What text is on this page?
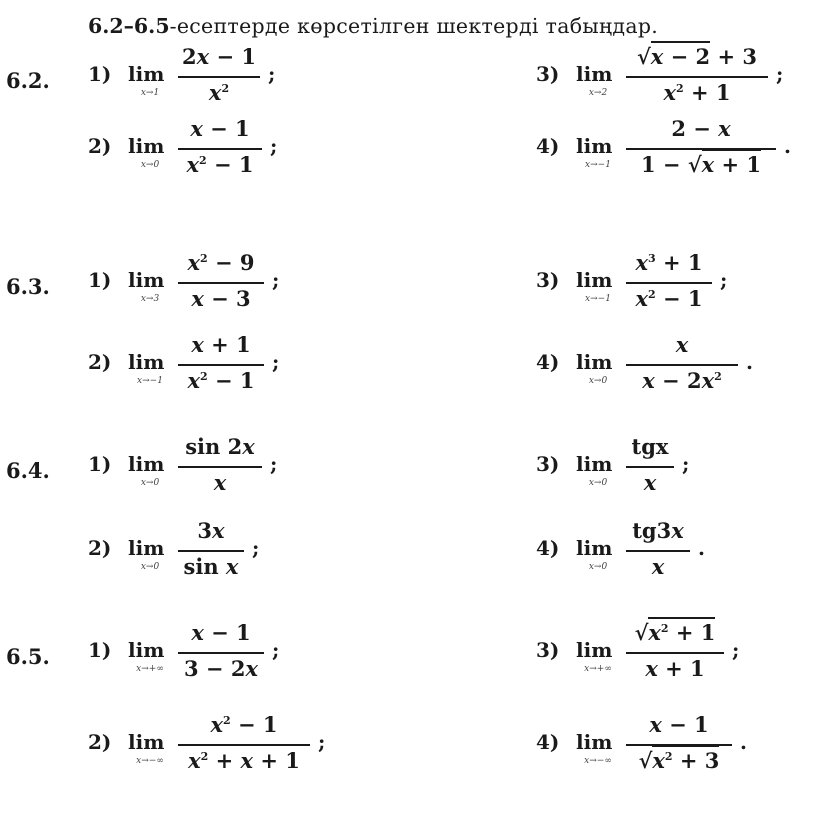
6.2–6.5-есептерде көрсетілген шектерді табыңдар.
6.2. 1) lim
x→1
2x − 1
$x^2$
;
2) lim
x→0
x − 1
$x^2 - 1$
;
3) lim
x→2
√x − 2 + 3
$x^2 + 1$
;
4) lim
x→−1
2 − x
1 − √x + 1
.
6.3. 1) lim
x→3
$x^2 - 9$
x − 3
;
2) lim
x→−1
x + 1
$x^2 - 1$
;
3) lim
x→−1
$x^3 + 1$
$x^2 - 1$
;
4) lim
x→0
x
$x - 2x^2$
.
6.4. 1) lim
x→0
sin 2x
x
;
2) lim
x→0
3x
sin x
;
3) lim
x→0
tgx
x
;
4) lim
x→0
tg3x
x
.
6.5. 1) lim
x→+∞
x − 1
3 − 2x
;
2) lim
x→−∞
$x^2 - 1$
$x^2 + x + 1$
;
3) lim
x→+∞
$√x^2 + 1$
x + 1
;
4) lim
x→−∞
x − 1
$√x^2 + 3$
.
